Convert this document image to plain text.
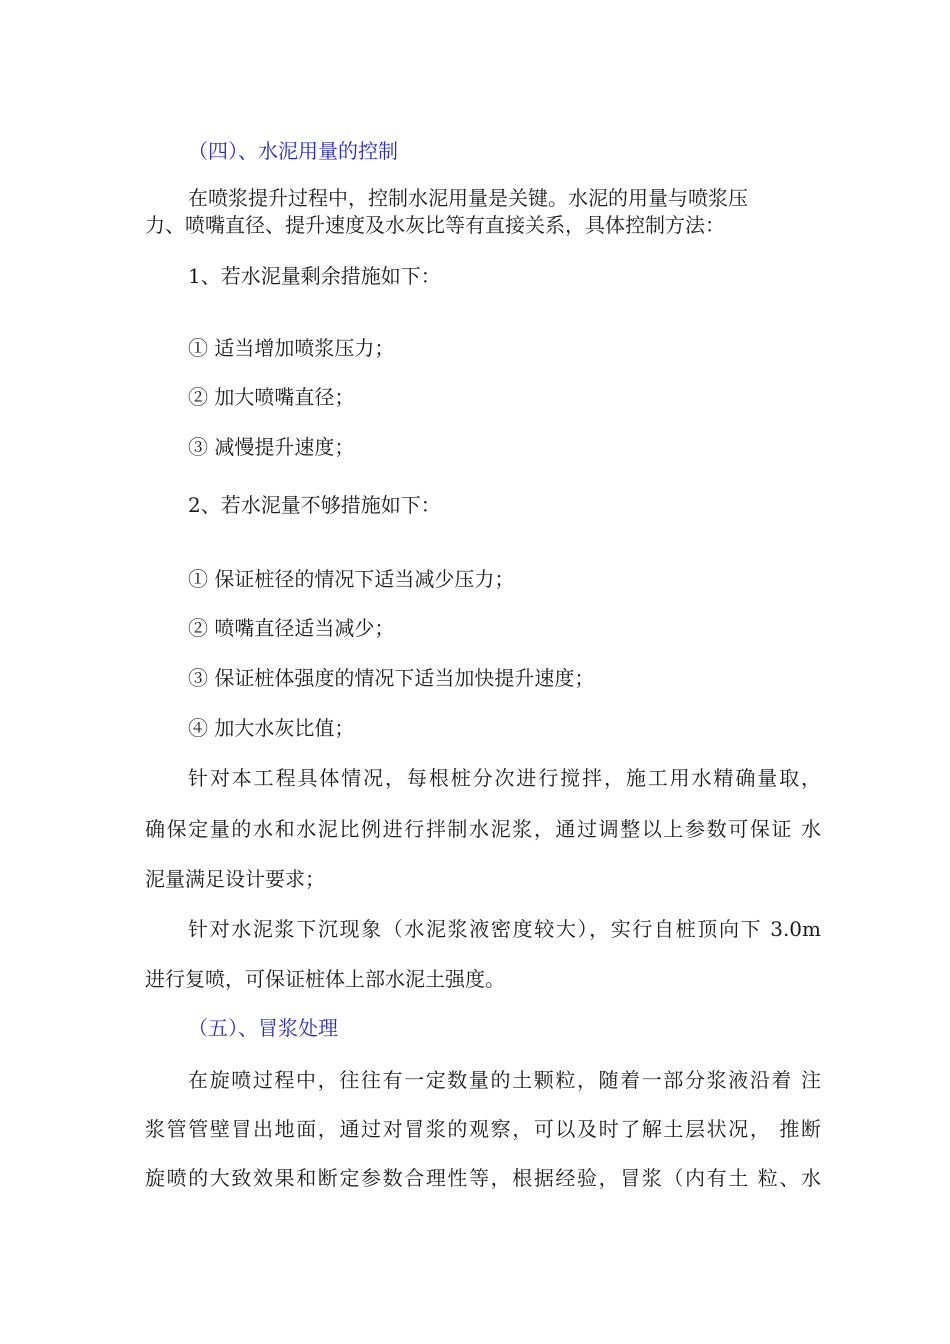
（四）、水泥用量的控制
在喷浆提升过程中，控制水泥用量是关键。水泥的用量与喷浆压
力、喷嘴直径、提升速度及水灰比等有直接关系，具体控制方法：
1、若水泥量剩余措施如下：
① 适当增加喷浆压力；
② 加大喷嘴直径；
③ 减慢提升速度；
2、若水泥量不够措施如下：
① 保证桩径的情况下适当减少压力；
② 喷嘴直径适当减少；
③ 保证桩体强度的情况下适当加快提升速度；
④ 加大水灰比值；
针对本工程具体情况，每根桩分次进行搅拌，施工用水精确量取，
确保定量的水和水泥比例进行拌制水泥浆，通过调整以上参数可保证 水
泥量满足设计要求；
针对水泥浆下沉现象（水泥浆液密度较大），实行自桩顶向下 3.0m
进行复喷，可保证桩体上部水泥土强度。
（五）、冒浆处理
在旋喷过程中，往往有一定数量的土颗粒，随着一部分浆液沿着 注
浆管管壁冒出地面，通过对冒浆的观察，可以及时了解土层状况， 推断
旋喷的大致效果和断定参数合理性等，根据经验，冒浆（内有土 粒、水
